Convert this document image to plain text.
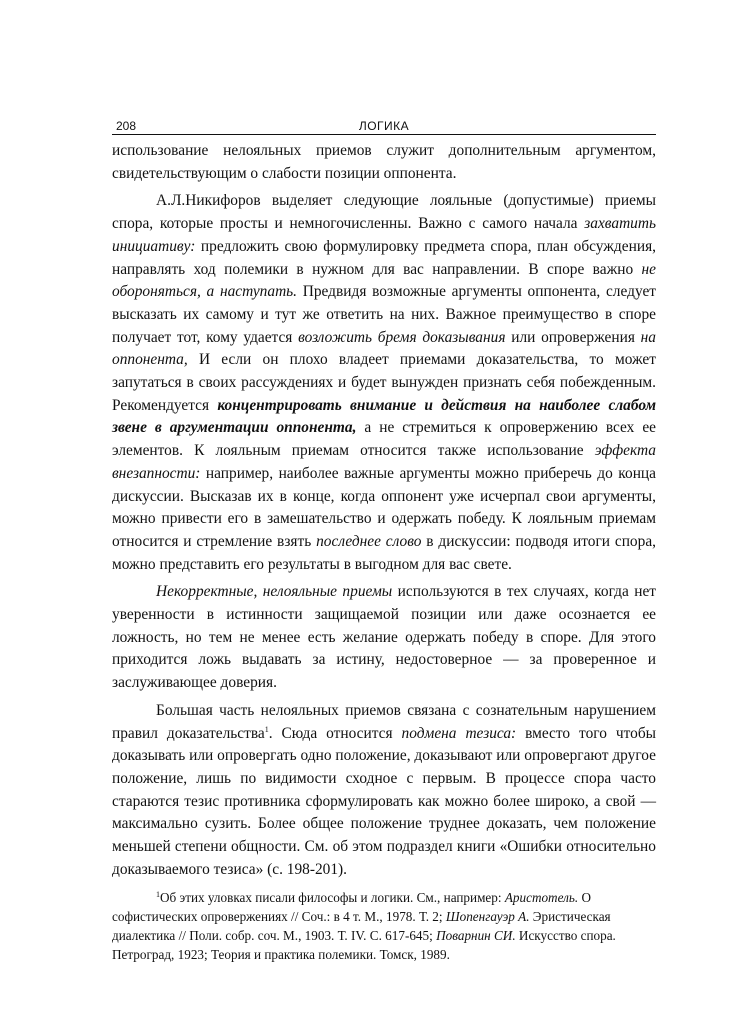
208	ЛОГИКА

использование нелояльных приемов служит дополнительным аргументом, свидетельствующим о слабости позиции оппонента.

А.Л.Никифоров выделяет следующие лояльные (допустимые) приемы спора, которые просты и немногочисленны. Важно с самого начала захватить инициативу: предложить свою формулировку предмета спора, план обсуждения, направлять ход полемики в нужном для вас направлении. В споре важно не обороняться, а наступать. Предвидя возможные аргументы оппонента, следует высказать их самому и тут же ответить на них. Важное преимущество в споре получает тот, кому удается возложить бремя доказывания или опровержения на оппонента, И если он плохо владеет приемами доказательства, то может запутаться в своих рассуждениях и будет вынужден признать себя побежденным. Рекомендуется концентрировать внимание и действия на наиболее слабом звене в аргументации оппонента, а не стремиться к опровержению всех ее элементов. К лояльным приемам относится также использование эффекта внезапности: например, наиболее важные аргументы можно приберечь до конца дискуссии. Высказав их в конце, когда оппонент уже исчерпал свои аргументы, можно привести его в замешательство и одержать победу. К лояльным приемам относится и стремление взять последнее слово в дискуссии: подводя итоги спора, можно представить его результаты в выгодном для вас свете.

Некорректные, нелояльные приемы используются в тех случаях, когда нет уверенности в истинности защищаемой позиции или даже осознается ее ложность, но тем не менее есть желание одержать победу в споре. Для этого приходится ложь выдавать за истину, недостоверное — за проверенное и заслуживающее доверия.

Большая часть нелояльных приемов связана с сознательным нарушением правил доказательства$^1$. Сюда относится подмена тезиса: вместо того чтобы доказывать или опровергать одно положение, доказывают или опровергают другое положение, лишь по видимости сходное с первым. В процессе спора часто стараются тезис противника сформулировать как можно более широко, а свой — максимально сузить. Более общее положение труднее доказать, чем положение меньшей степени общности. См. об этом подраздел книги «Ошибки относительно доказываемого тезиса» (с. 198-201).

$^1$Об этих уловках писали философы и логики. См., например: Аристотель. О софистических опровержениях // Соч.: в 4 т. М., 1978. Т. 2; Шопенгауэр А. Эристическая диалектика // Поли. собр. соч. М., 1903. Т. IV. С. 617-645; Поварнин СИ. Искусство спора. Петроград, 1923; Теория и практика полемики. Томск, 1989.
